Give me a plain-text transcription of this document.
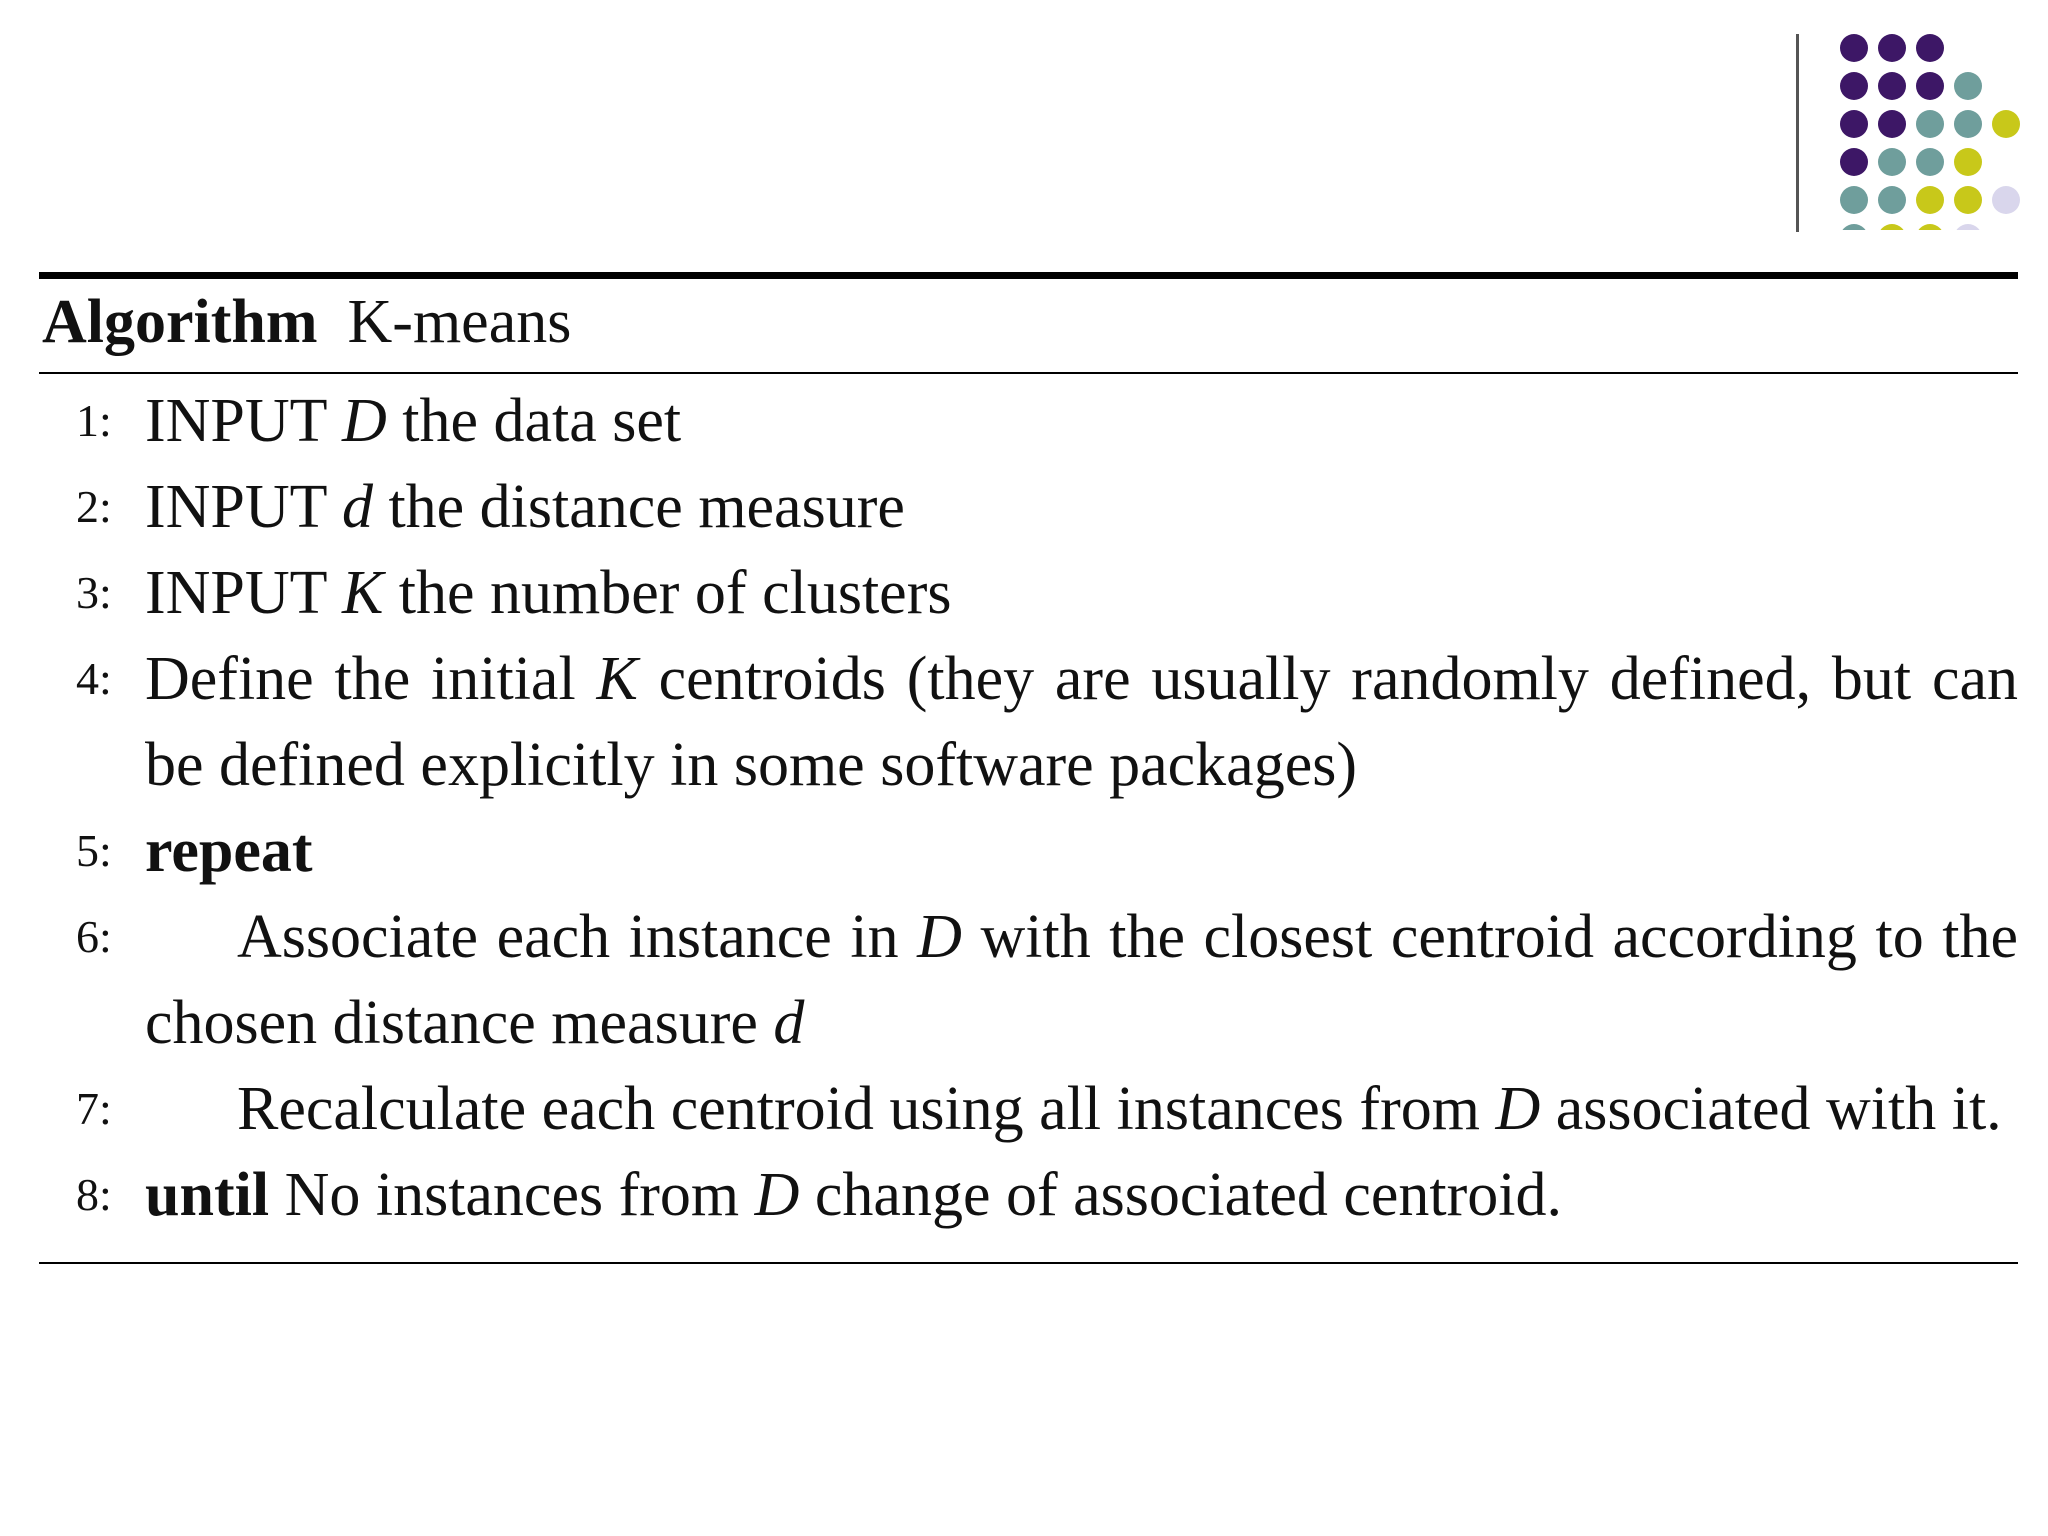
Algorithm K-means
1: INPUT D the data set
2: INPUT d the distance measure
3: INPUT K the number of clusters
4: Define the initial K centroids (they are usually randomly defined, but can be defined explicitly in some software packages)
5: repeat
6:	Associate each instance in D with the closest centroid according to the chosen distance measure d
7:	Recalculate each centroid using all instances from D associated with it.
8: until No instances from D change of associated centroid.
